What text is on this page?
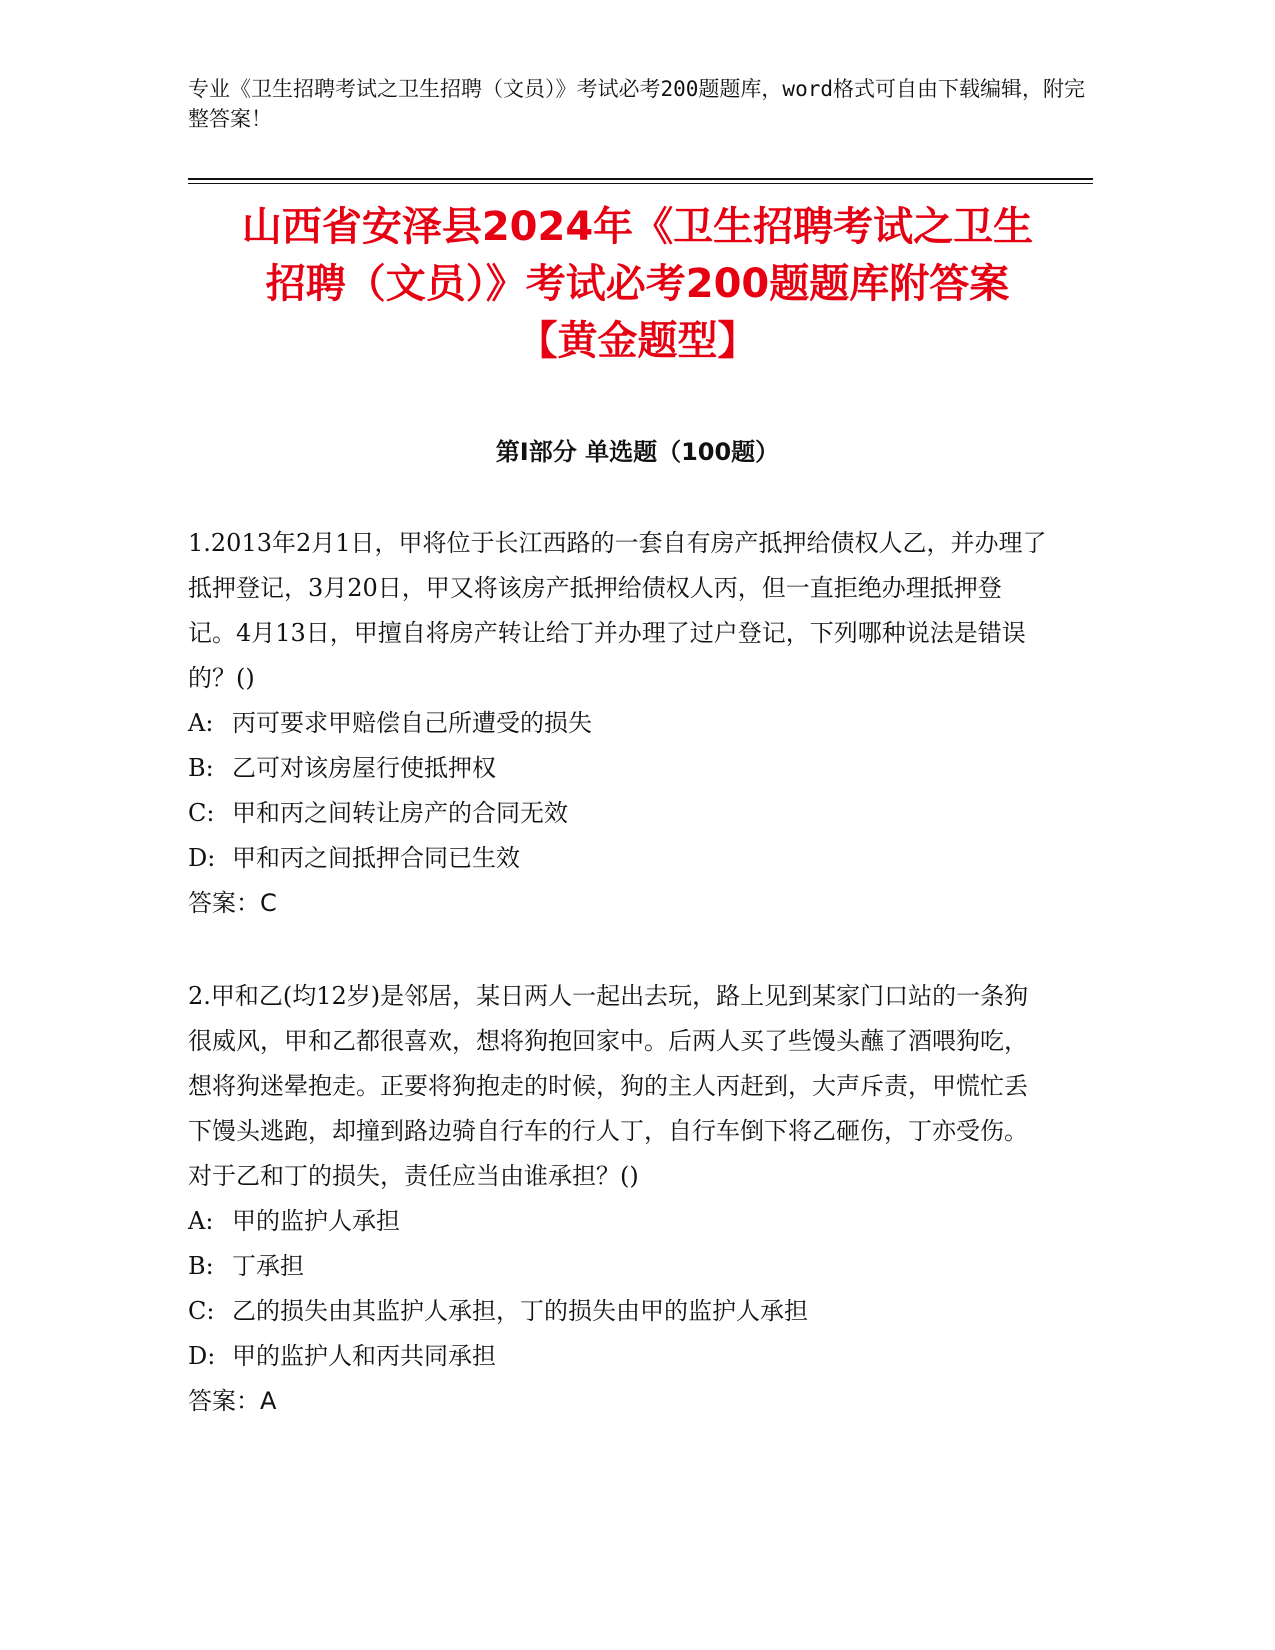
专业《卫生招聘考试之卫生招聘（文员）》考试必考200题题库，word格式可自由下载编辑，附完整答案！
山西省安泽县2024年《卫生招聘考试之卫生
招聘（文员）》考试必考200题题库附答案
【黄金题型】
第Ⅰ部分 单选题（100题）

1.2013年2月1日，甲将位于长江西路的一套自有房产抵押给债权人乙，并办理了抵押登记，3月20日，甲又将该房产抵押给债权人丙，但一直拒绝办理抵押登记。4月13日，甲擅自将房产转让给丁并办理了过户登记，下列哪种说法是错误的？()

A: 丙可要求甲赔偿自己所遭受的损失

B: 乙可对该房屋行使抵押权

C: 甲和丙之间转让房产的合同无效

D: 甲和丙之间抵押合同已生效

答案：C

2.甲和乙(均12岁)是邻居，某日两人一起出去玩，路上见到某家门口站的一条狗很威风，甲和乙都很喜欢，想将狗抱回家中。后两人买了些馒头蘸了酒喂狗吃，想将狗迷晕抱走。正要将狗抱走的时候，狗的主人丙赶到，大声斥责，甲慌忙丢下馒头逃跑，却撞到路边骑自行车的行人丁，自行车倒下将乙砸伤，丁亦受伤。对于乙和丁的损失，责任应当由谁承担？()

A: 甲的监护人承担

B: 丁承担

C: 乙的损失由其监护人承担，丁的损失由甲的监护人承担

D: 甲的监护人和丙共同承担

答案：A
